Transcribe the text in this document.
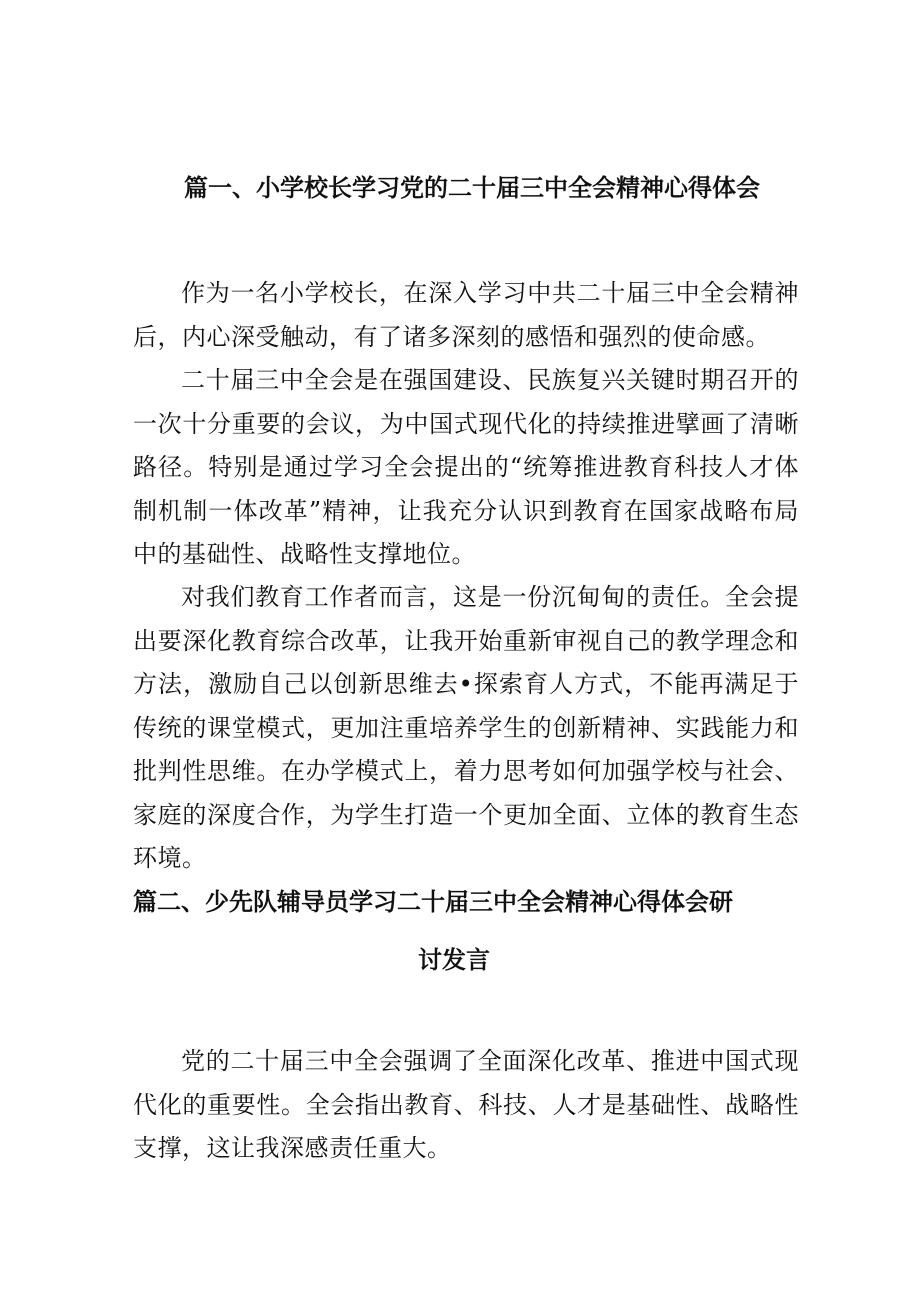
篇一、小学校长学习党的二十届三中全会精神心得体会
作为一名小学校长，在深入学习中共二十届三中全会精神后，内心深受触动，有了诸多深刻的感悟和强烈的使命感。
二十届三中全会是在强国建设、民族复兴关键时期召开的一次十分重要的会议，为中国式现代化的持续推进擘画了清晰路径。特别是通过学习全会提出的“统筹推进教育科技人才体制机制一体改革”精神，让我充分认识到教育在国家战略布局中的基础性、战略性支撑地位。
对我们教育工作者而言，这是一份沉甸甸的责任。全会提出要深化教育综合改革，让我开始重新审视自己的教学理念和方法，激励自己以创新思维去•探索育人方式，不能再满足于传统的课堂模式，更加注重培养学生的创新精神、实践能力和批判性思维。在办学模式上，着力思考如何加强学校与社会、家庭的深度合作，为学生打造一个更加全面、立体的教育生态环境。
篇二、少先队辅导员学习二十届三中全会精神心得体会研
讨发言
党的二十届三中全会强调了全面深化改革、推进中国式现代化的重要性。全会指出教育、科技、人才是基础性、战略性支撑，这让我深感责任重大。
